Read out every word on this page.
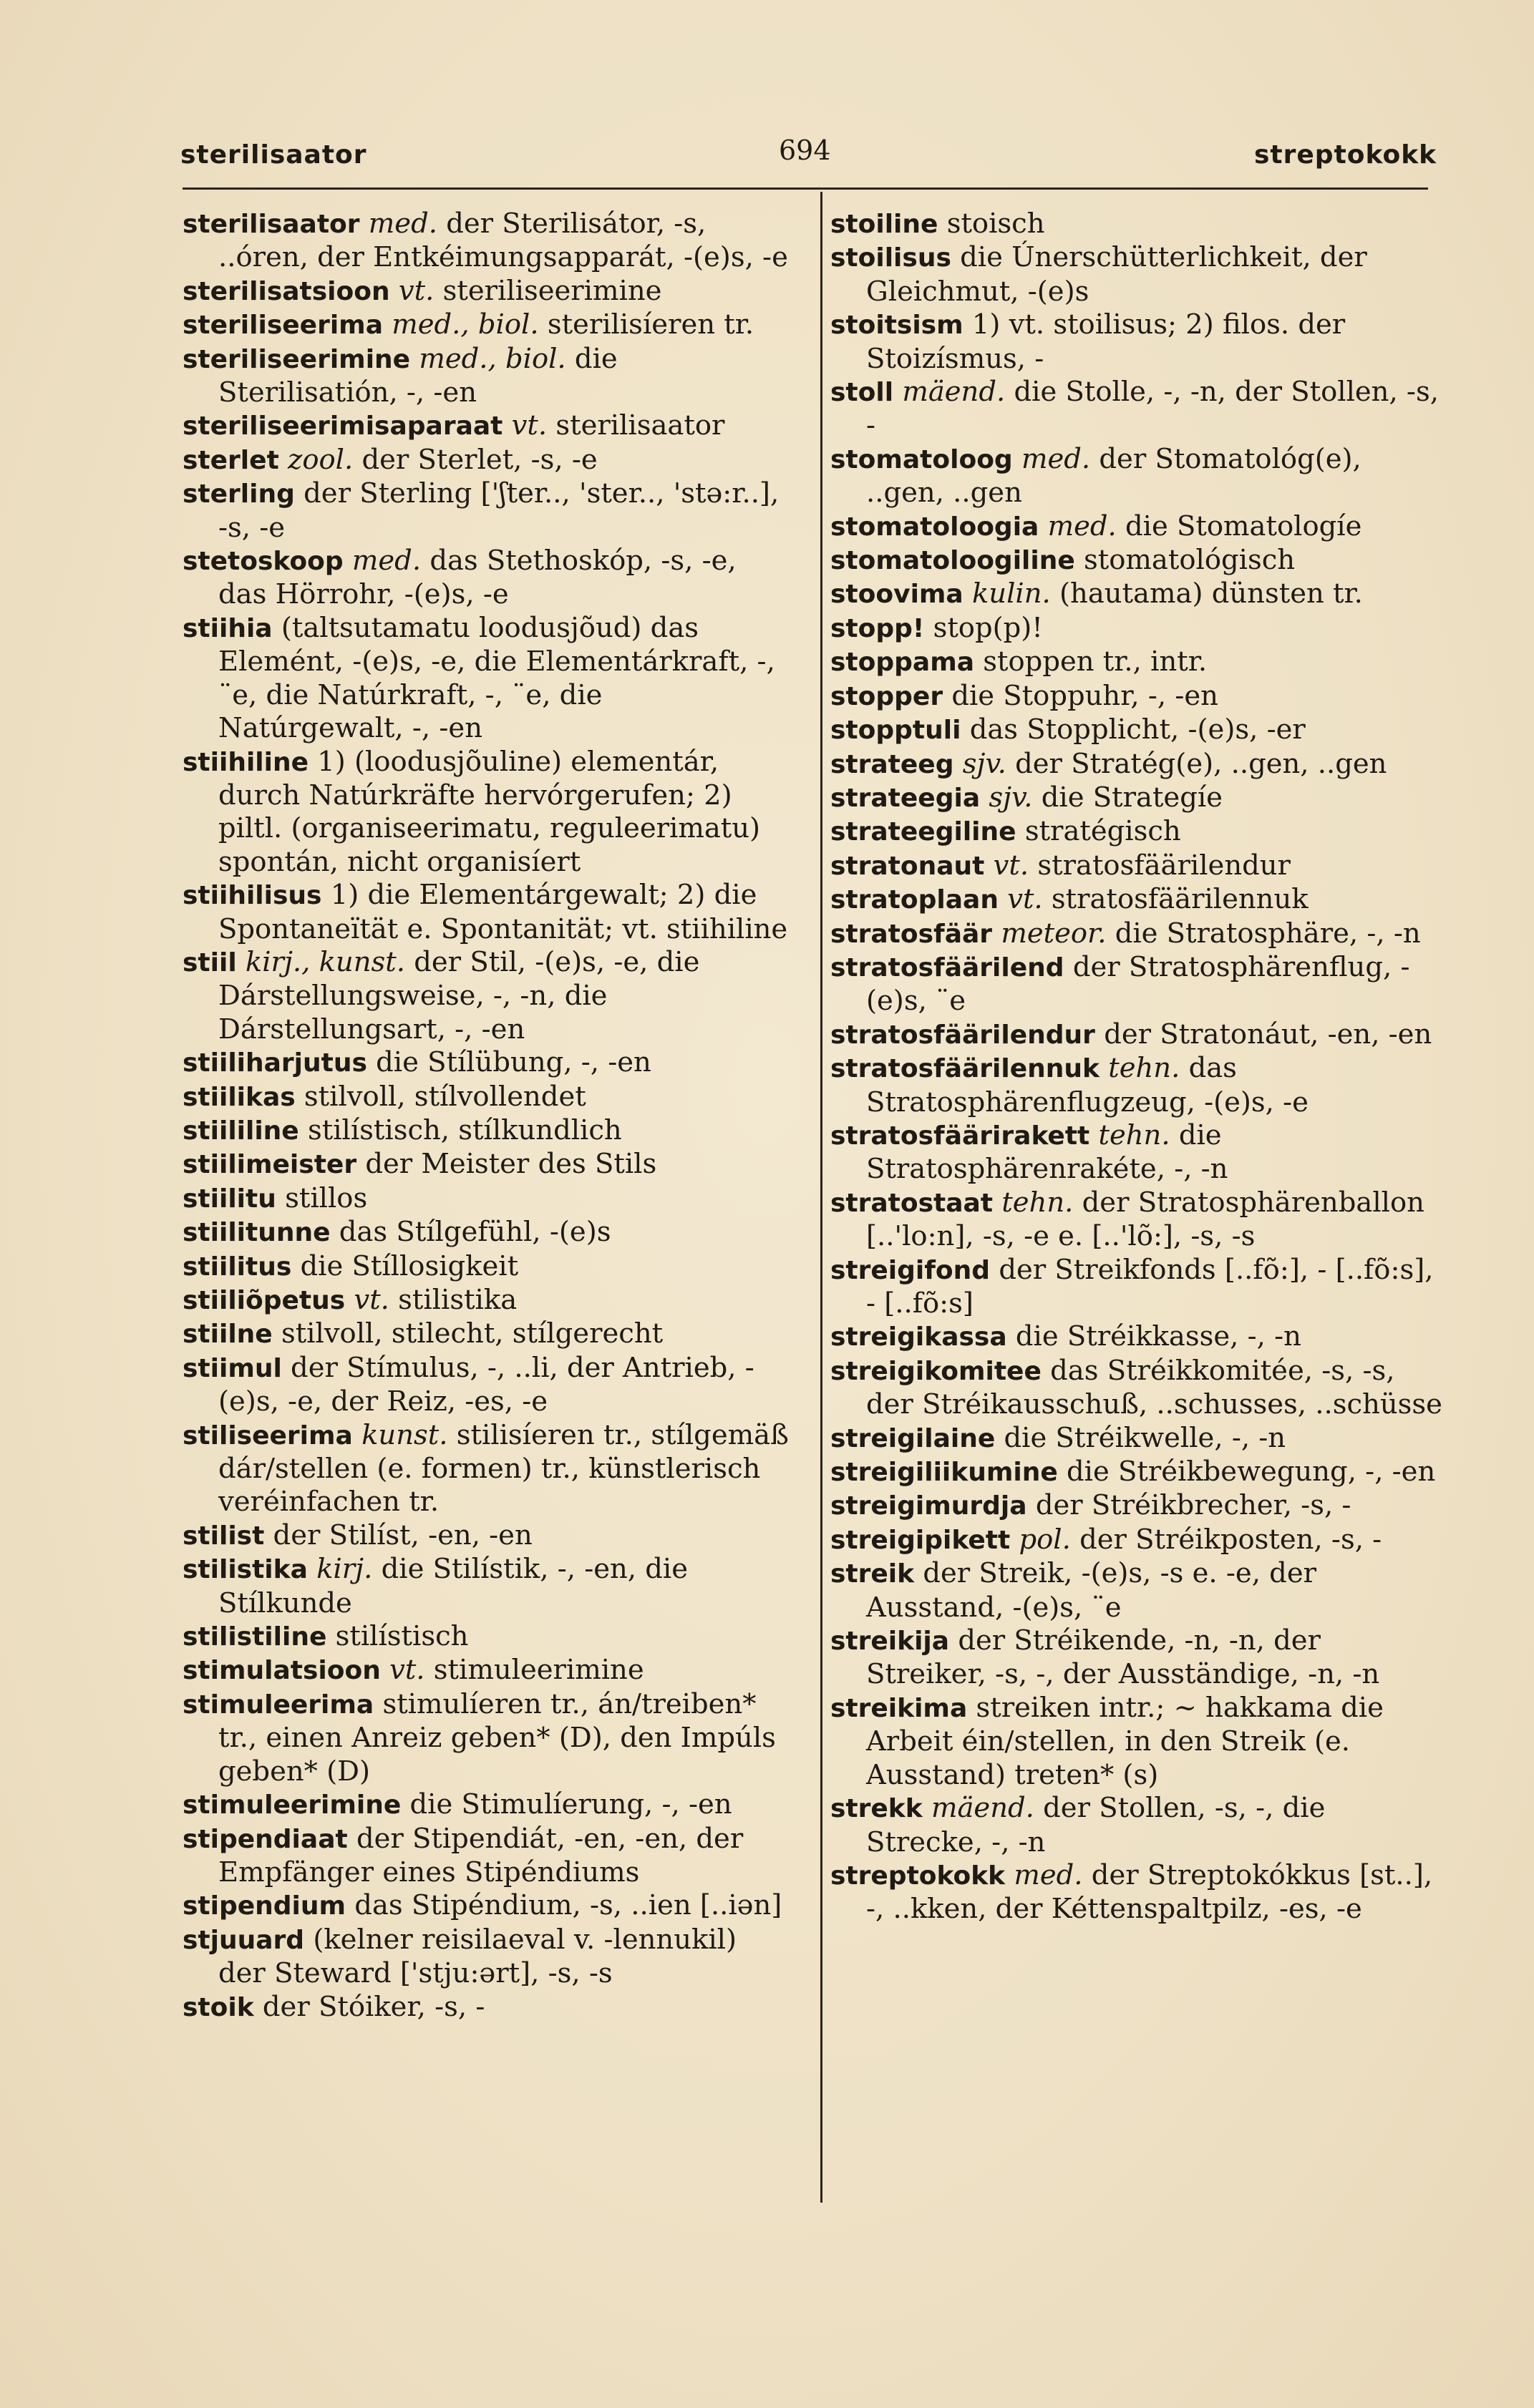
sterilisaator	694	streptokokk

sterilisaator med. der Sterilisátor, -s, ..óren, der Entkéimungsapparát, -(e)s, -e

sterilisatsioon vt. steriliseerimine

steriliseerima med., biol. sterilisíeren tr.

steriliseerimine med., biol. die Sterilisatión, -, -en

steriliseerimisaparaat vt. sterilisaator

sterlet zool. der Sterlet, -s, -e

sterling der Sterling ['ʃter.., 'ster.., 'stə:r..], -s, -e

stetoskoop med. das Stethoskóp, -s, -e, das Hörrohr, -(e)s, -e

stiihia (taltsutamatu loodusjõud) das Elemént, -(e)s, -e, die Elementárkraft, -, ¨e, die Natúrkraft, -, ¨e, die Natúrgewalt, -, -en

stiihiline 1) (loodusjõuline) elementár, durch Natúrkräfte hervórgerufen; 2) piltl. (organiseerimatu, reguleerimatu) spontán, nicht organisíert

stiihilisus 1) die Elementárgewalt; 2) die Spontaneïtät e. Spontanität; vt. stiihiline

stiil kirj., kunst. der Stil, -(e)s, -e, die Dárstellungsweise, -, -n, die Dárstellungsart, -, -en

stiiliharjutus die Stílübung, -, -en

stiilikas stilvoll, stílvollendet

stiililine stilístisch, stílkundlich

stiilimeister der Meister des Stils

stiilitu stillos

stiilitunne das Stílgefühl, -(e)s

stiilitus die Stíllosigkeit

stiiliõpetus vt. stilistika

stiilne stilvoll, stilecht, stílgerecht

stiimul der Stímulus, -, ..li, der Antrieb, -(e)s, -e, der Reiz, -es, -e

stiliseerima kunst. stilisíeren tr., stílgemäß dár/stellen (e. formen) tr., künstlerisch veréinfachen tr.

stilist der Stilíst, -en, -en

stilistika kirj. die Stilístik, -, -en, die Stílkunde

stilistiline stilístisch

stimulatsioon vt. stimuleerimine

stimuleerima stimulíeren tr., án/treiben* tr., einen Anreiz geben* (D), den Impúls geben* (D)

stimuleerimine die Stimulíerung, -, -en

stipendiaat der Stipendiát, -en, -en, der Empfänger eines Stipéndiums

stipendium das Stipéndium, -s, ..ien [..iən]

stjuuard (kelner reisilaeval v. -lennukil) der Steward ['stju:ərt], -s, -s

stoik der Stóiker, -s, -

stoiline stoisch

stoilisus die Únerschütterlichkeit, der Gleichmut, -(e)s

stoitsism 1) vt. stoilisus; 2) filos. der Stoizísmus, -

stoll mäend. die Stolle, -, -n, der Stollen, -s, -

stomatoloog med. der Stomatológ(e), ..gen, ..gen

stomatoloogia med. die Stomatologíe

stomatoloogiline stomatológisch

stoovima kulin. (hautama) dünsten tr.

stopp! stop(p)!

stoppama stoppen tr., intr.

stopper die Stoppuhr, -, -en

stopptuli das Stopplicht, -(e)s, -er

strateeg sjv. der Stratég(e), ..gen, ..gen

strateegia sjv. die Strategíe

strateegiline stratégisch

stratonaut vt. stratosfäärilendur

stratoplaan vt. stratosfäärilennuk

stratosfäär meteor. die Stratosphäre, -, -n

stratosfäärilend der Stratosphärenflug, -(e)s, ¨e

stratosfäärilendur der Stratonáut, -en, -en

stratosfäärilennuk tehn. das Stratosphärenflugzeug, -(e)s, -e

stratosfäärirakett tehn. die Stratosphärenrakéte, -, -n

stratostaat tehn. der Stratosphärenballon [..'lo:n], -s, -e e. [..'lõ:], -s, -s

streigifond der Streikfonds [..fõ:], - [..fõ:s], - [..fõ:s]

streigikassa die Stréikkasse, -, -n

streigikomitee das Stréikkomitée, -s, -s, der Stréikausschuß, ..schusses, ..schüsse

streigilaine die Stréikwelle, -, -n

streigiliikumine die Stréikbewegung, -, -en

streigimurdja der Stréikbrecher, -s, -

streigipikett pol. der Stréikposten, -s, -

streik der Streik, -(e)s, -s e. -e, der Ausstand, -(e)s, ¨e

streikija der Stréikende, -n, -n, der Streiker, -s, -, der Ausständige, -n, -n

streikima streiken intr.; ~ hakkama die Arbeit éin/stellen, in den Streik (e. Ausstand) treten* (s)

strekk mäend. der Stollen, -s, -, die Strecke, -, -n

streptokokk med. der Streptokókkus [st..], -, ..kken, der Kéttenspaltpilz, -es, -e
